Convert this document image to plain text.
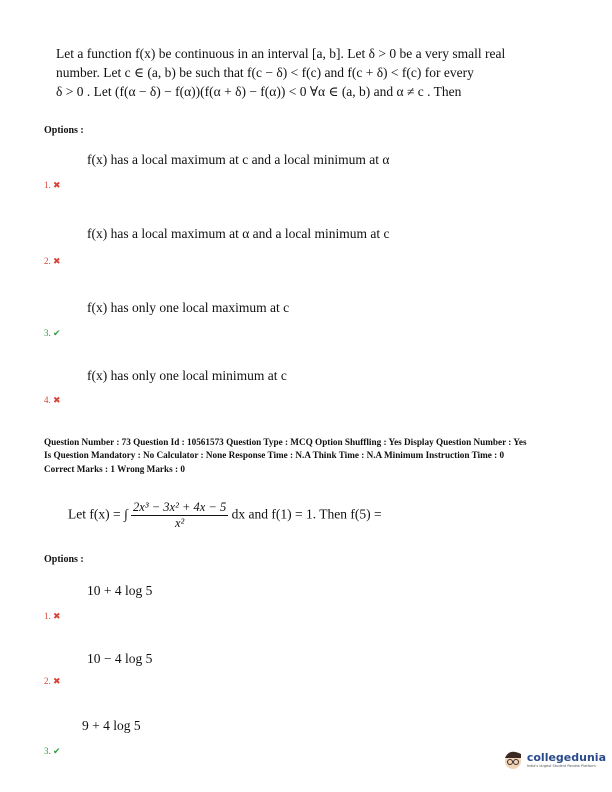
Let a function f(x) be continuous in an interval [a, b]. Let δ > 0 be a very small real
number. Let c ∈ (a, b) be such that f(c − δ) < f(c) and f(c + δ) < f(c) for every
δ > 0 . Let (f(α − δ) − f(α))(f(α + δ) − f(α)) < 0 ∀α ∈ (a, b) and α ≠ c . Then
Options :
f(x) has a local maximum at c and a local minimum at α
1. ✖
f(x) has a local maximum at α and a local minimum at c
2. ✖
f(x) has only one local maximum at c
3. ✔
f(x) has only one local minimum at c
4. ✖
Question Number : 73 Question Id : 10561573 Question Type : MCQ Option Shuffling : Yes Display Question Number : Yes
Is Question Mandatory : No Calculator : None Response Time : N.A Think Time : N.A Minimum Instruction Time : 0
Correct Marks : 1 Wrong Marks : 0
Let f(x) = ∫ $\frac{\text{2x³ − 3x² + 4x − 5}}{\text{x²}}$ dx and f(1) = 1. Then f(5) =
Options :
10 + 4 log 5
1. ✖
10 − 4 log 5
2. ✖
9 + 4 log 5
3. ✔	collegedunia
India's largest Student Review Platform
